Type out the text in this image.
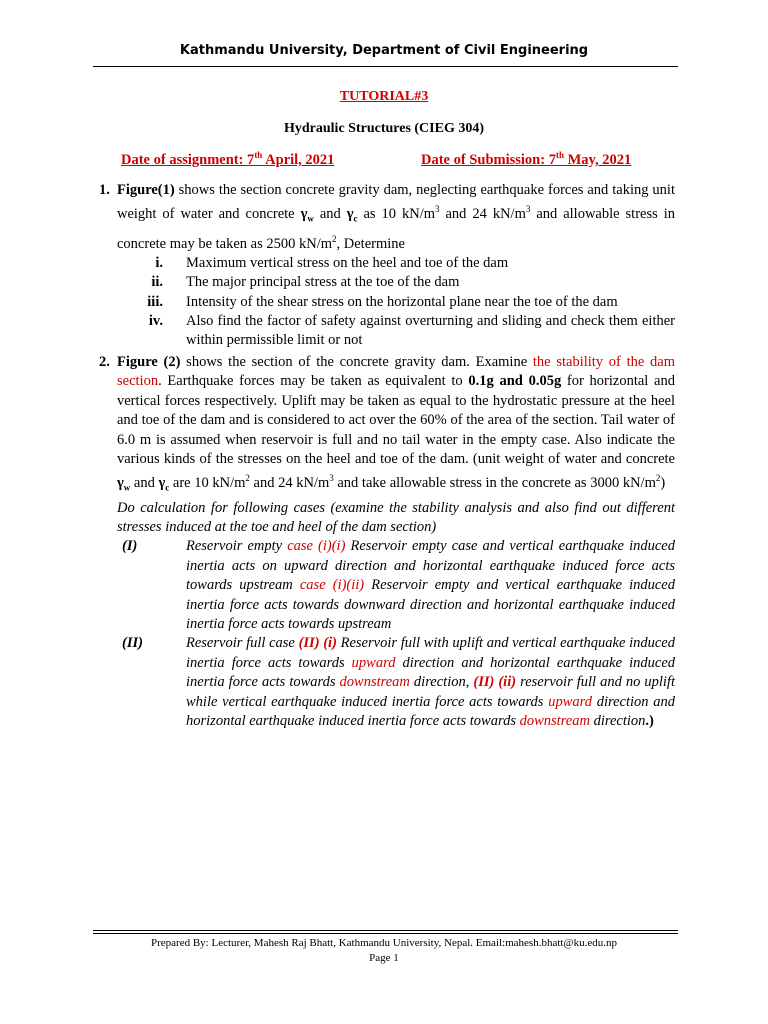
Kathmandu University, Department of Civil Engineering
TUTORIAL#3
Hydraulic Structures (CIEG 304)
Date of assignment: 7th April, 2021	Date of Submission: 7th May, 2021
1. Figure(1) shows the section concrete gravity dam, neglecting earthquake forces and taking unit weight of water and concrete $\gamma_w$ and $\gamma_c$ as 10 $kN/m^3$ and 24 $kN/m^3$ and allowable stress in concrete may be taken as 2500 $kN/m^2$, Determine
i. Maximum vertical stress on the heel and toe of the dam
ii. The major principal stress at the toe of the dam
iii. Intensity of the shear stress on the horizontal plane near the toe of the dam
iv. Also find the factor of safety against overturning and sliding and check them either within permissible limit or not
2. Figure (2) shows the section of the concrete gravity dam. Examine the stability of the dam section. Earthquake forces may be taken as equivalent to 0.1g and 0.05g for horizontal and vertical forces respectively. Uplift may be taken as equal to the hydrostatic pressure at the heel and toe of the dam and is considered to act over the 60% of the area of the section. Tail water of 6.0 m is assumed when reservoir is full and no tail water in the empty case. Also indicate the various kinds of the stresses on the heel and toe of the dam. (unit weight of water and concrete $\gamma_w$ and $\gamma_c$ are 10 $kN/m^2$ and 24 $kN/m^3$ and take allowable stress in the concrete as 3000 $kN/m^2$)
Do calculation for following cases (examine the stability analysis and also find out different stresses induced at the toe and heel of the dam section)
(I)	Reservoir empty case (i)(i) Reservoir empty case and vertical earthquake induced inertia acts on upward direction and horizontal earthquake induced force acts towards upstream case (i)(ii) Reservoir empty and vertical earthquake induced inertia force acts towards downward direction and horizontal earthquake induced inertia force acts towards upstream
(II)	Reservoir full case (II) (i) Reservoir full with uplift and vertical earthquake induced inertia force acts towards upward direction and horizontal earthquake induced inertia force acts towards downstream direction, (II) (ii) reservoir full and no uplift while vertical earthquake induced inertia force acts towards upward direction and horizontal earthquake induced inertia force acts towards downstream direction.)
Prepared By: Lecturer, Mahesh Raj Bhatt, Kathmandu University, Nepal. Email:mahesh.bhatt@ku.edu.np
Page 1
